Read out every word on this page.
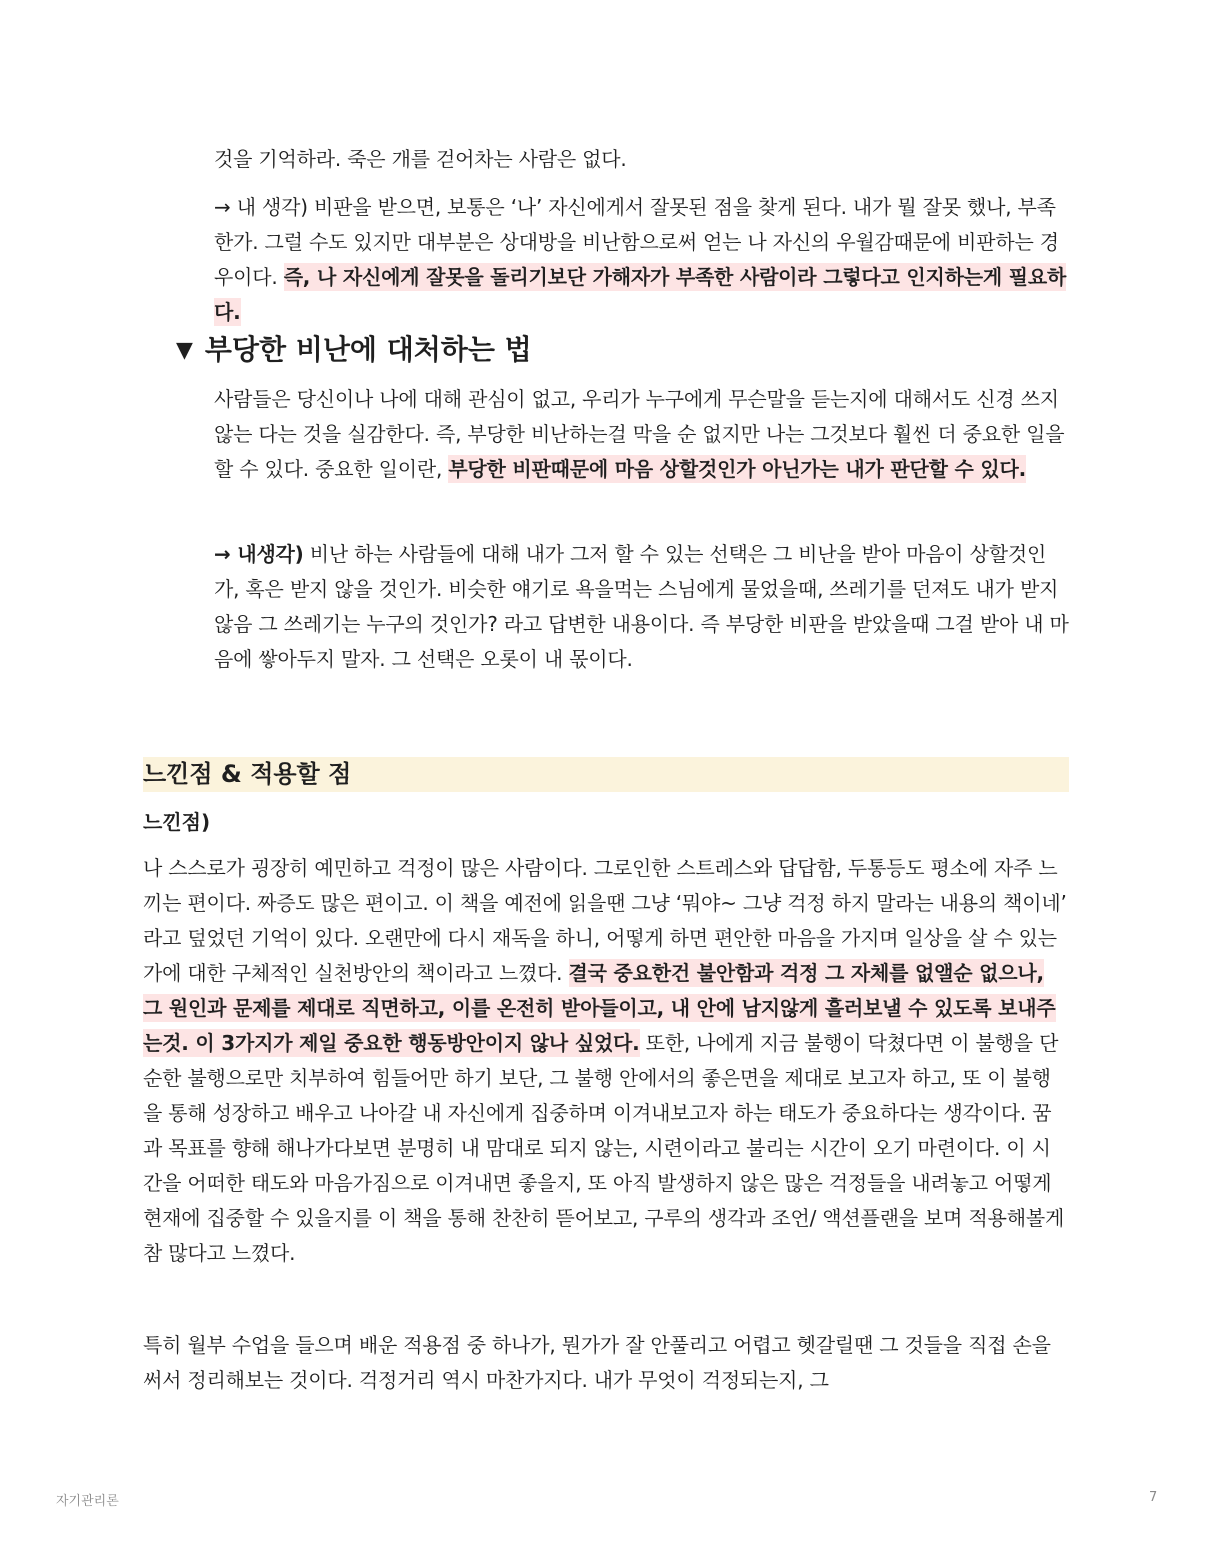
것을 기억하라. 죽은 개를 걷어차는 사람은 없다.

→ 내 생각) 비판을 받으면, 보통은 ‘나’ 자신에게서 잘못된 점을 찾게 된다. 내가 뭘 잘못 했나, 부족한가. 그럴 수도 있지만 대부분은 상대방을 비난함으로써 얻는 나 자신의 우월감때문에 비판하는 경우이다. 즉, 나 자신에게 잘못을 돌리기보단 가해자가 부족한 사람이라 그렇다고 인지하는게 필요하다.

▼ 부당한 비난에 대처하는 법

사람들은 당신이나 나에 대해 관심이 없고, 우리가 누구에게 무슨말을 듣는지에 대해서도 신경 쓰지 않는 다는 것을 실감한다. 즉, 부당한 비난하는걸 막을 순 없지만 나는 그것보다 훨씬 더 중요한 일을 할 수 있다. 중요한 일이란, 부당한 비판때문에 마음 상할것인가 아닌가는 내가 판단할 수 있다.

→ 내생각) 비난 하는 사람들에 대해 내가 그저 할 수 있는 선택은 그 비난을 받아 마음이 상할것인가, 혹은 받지 않을 것인가. 비슷한 얘기로 욕을먹는 스님에게 물었을때, 쓰레기를 던져도 내가 받지 않음 그 쓰레기는 누구의 것인가? 라고 답변한 내용이다. 즉 부당한 비판을 받았을때 그걸 받아 내 마음에 쌓아두지 말자. 그 선택은 오롯이 내 몫이다.

느낀점 & 적용할 점
느낀점)

나 스스로가 굉장히 예민하고 걱정이 많은 사람이다. 그로인한 스트레스와 답답함, 두통등도 평소에 자주 느끼는 편이다. 짜증도 많은 편이고. 이 책을 예전에 읽을땐 그냥 ‘뭐야~ 그냥 걱정 하지 말라는 내용의 책이네’ 라고 덮었던 기억이 있다. 오랜만에 다시 재독을 하니, 어떻게 하면 편안한 마음을 가지며 일상을 살 수 있는가에 대한 구체적인 실천방안의 책이라고 느꼈다. 결국 중요한건 불안함과 걱정 그 자체를 없앨순 없으나, 그 원인과 문제를 제대로 직면하고, 이를 온전히 받아들이고, 내 안에 남지않게 흘러보낼 수 있도록 보내주는것. 이 3가지가 제일 중요한 행동방안이지 않나 싶었다. 또한, 나에게 지금 불행이 닥쳤다면 이 불행을 단순한 불행으로만 치부하여 힘들어만 하기 보단, 그 불행 안에서의 좋은면을 제대로 보고자 하고, 또 이 불행을 통해 성장하고 배우고 나아갈 내 자신에게 집중하며 이겨내보고자 하는 태도가 중요하다는 생각이다. 꿈과 목표를 향해 해나가다보면 분명히 내 맘대로 되지 않는, 시련이라고 불리는 시간이 오기 마련이다. 이 시간을 어떠한 태도와 마음가짐으로 이겨내면 좋을지, 또 아직 발생하지 않은 많은 걱정들을 내려놓고 어떻게 현재에 집중할 수 있을지를 이 책을 통해 찬찬히 뜯어보고, 구루의 생각과 조언/ 액션플랜을 보며 적용해볼게 참 많다고 느꼈다.

특히 월부 수업을 들으며 배운 적용점 중 하나가, 뭔가가 잘 안풀리고 어렵고 헷갈릴땐 그 것들을 직접 손을 써서 정리해보는 것이다. 걱정거리 역시 마찬가지다. 내가 무엇이 걱정되는지, 그

자기관리론	7
